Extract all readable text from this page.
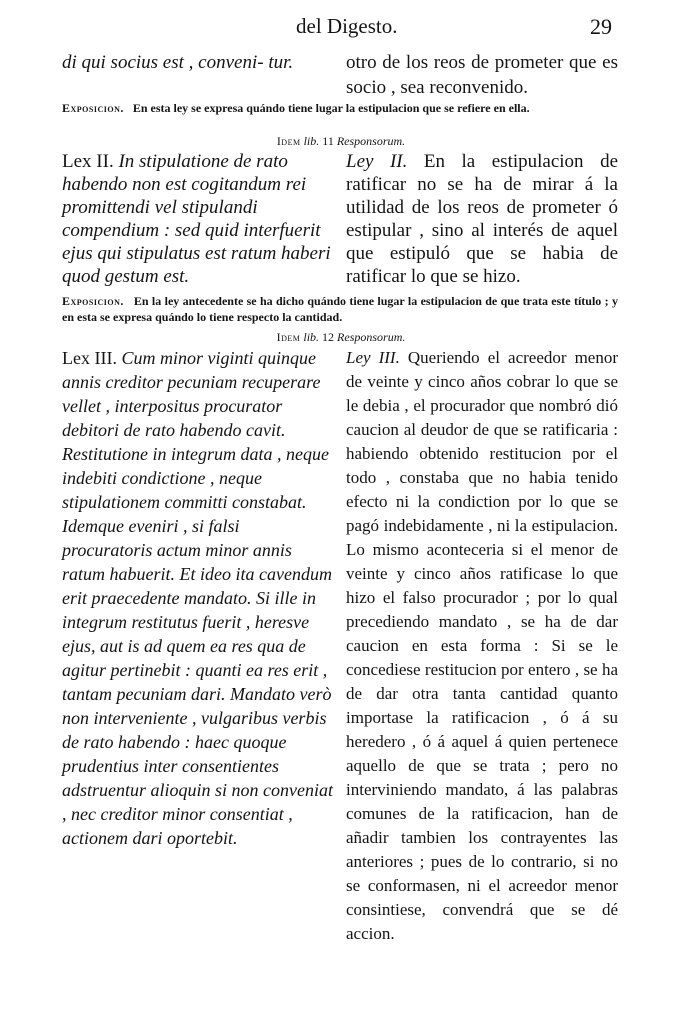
del Digesto.	29

di qui socius est , conveni- tur.	otro de los reos de prometer que es socio , sea reconvenido.

Exposicion. En esta ley se expresa quándo tiene lugar la estipulacion que se refiere en ella.
Idem lib. 11 Responsorum.

Lex II. In stipulatione de rato habendo non est cogitandum rei promittendi vel stipulandi compendium : sed quid interfuerit ejus qui stipulatus est ratum haberi quod gestum est.

Ley II. En la estipulacion de ratificar no se ha de mirar á la utilidad de los reos de prometer ó estipular , sino al interés de aquel que estipuló que se habia de ratificar lo que se hizo.

Exposicion. En la ley antecedente se ha dicho quándo tiene lugar la estipulacion de que trata este título ; y en esta se expresa quándo lo tiene respecto la cantidad.
Idem lib. 12 Responsorum.

Lex III. Cum minor viginti quinque annis creditor pecuniam recuperare vellet , interpositus procurator debitori de rato habendo cavit. Restitutione in integrum data , neque indebiti condictione , neque stipulationem committi constabat. Idemque eveniri , si falsi procuratoris actum minor annis ratum habuerit. Et ideo ita cavendum erit praecedente mandato. Si ille in integrum restitutus fuerit , heresve ejus, aut is ad quem ea res qua de agitur pertinebit : quanti ea res erit , tantam pecuniam dari. Mandato verò non interveniente , vulgaribus verbis de rato habendo : haec quoque prudentius inter consentientes adstruentur alioquin si non conveniat , nec creditor minor consentiat , actionem dari oportebit.

Ley III. Queriendo el acreedor menor de veinte y cinco años cobrar lo que se le debia , el procurador que nombró dió caucion al deudor de que se ratificaria : habiendo obtenido restitucion por el todo , constaba que no habia tenido efecto ni la condiction por lo que se pagó indebidamente , ni la estipulacion. Lo mismo aconteceria si el menor de veinte y cinco años ratificase lo que hizo el falso procurador ; por lo qual precediendo mandato , se ha de dar caucion en esta forma : Si se le concediese restitucion por entero , se ha de dar otra tanta cantidad quanto importase la ratificacion , ó á su heredero , ó á aquel á quien pertenece aquello de que se trata ; pero no interviniendo mandato, á las palabras comunes de la ratificacion, han de añadir tambien los contrayentes las anteriores ; pues de lo contrario, si no se conformasen, ni el acreedor menor consintiese, convendrá que se dé accion.
